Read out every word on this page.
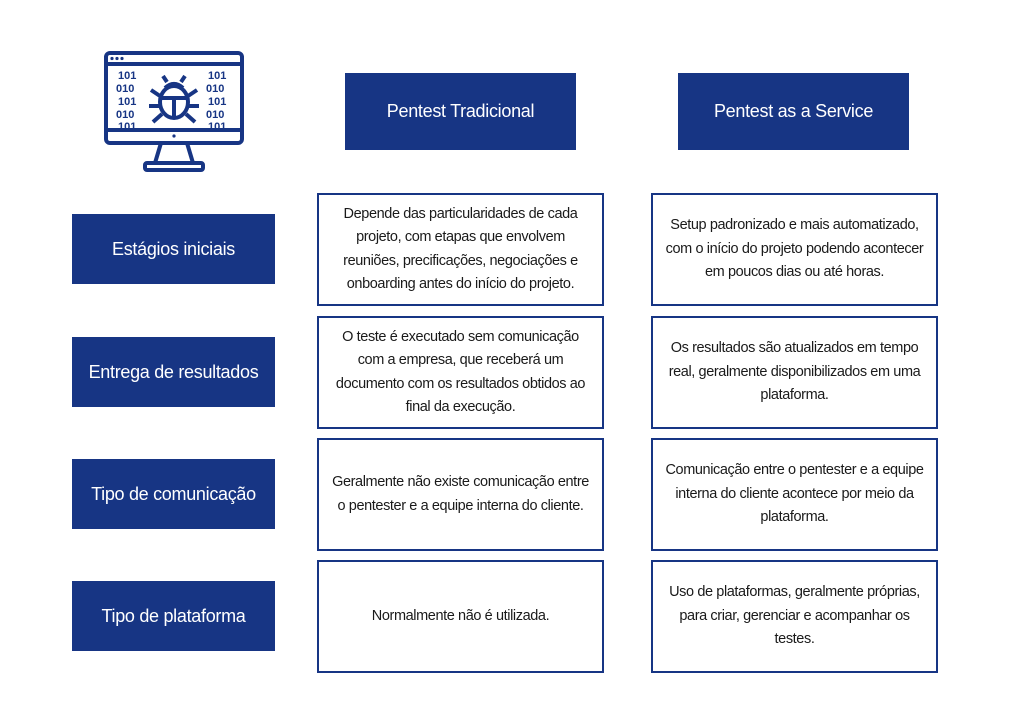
101
010
101
010
101
101
010
101
010
101
Pentest Tradicional	Pentest as a Service
Estágios iniciais
Depende das particularidades de cada projeto, com etapas que envolvem reuniões, precificações, negociações e onboarding antes do início do projeto.
Setup padronizado e mais automatizado, com o início do projeto podendo acontecer em poucos dias ou até horas.
Entrega de resultados
O teste é executado sem comunicação com a empresa, que receberá um documento com os resultados obtidos ao final da execução.
Os resultados são atualizados em tempo real, geralmente disponibilizados em uma plataforma.
Tipo de comunicação
Geralmente não existe comunicação entre o pentester e a equipe interna do cliente.
Comunicação entre o pentester e a equipe interna do cliente acontece por meio da plataforma.
Tipo de plataforma	Normalmente não é utilizada.
Uso de plataformas, geralmente próprias, para criar, gerenciar e acompanhar os testes.
